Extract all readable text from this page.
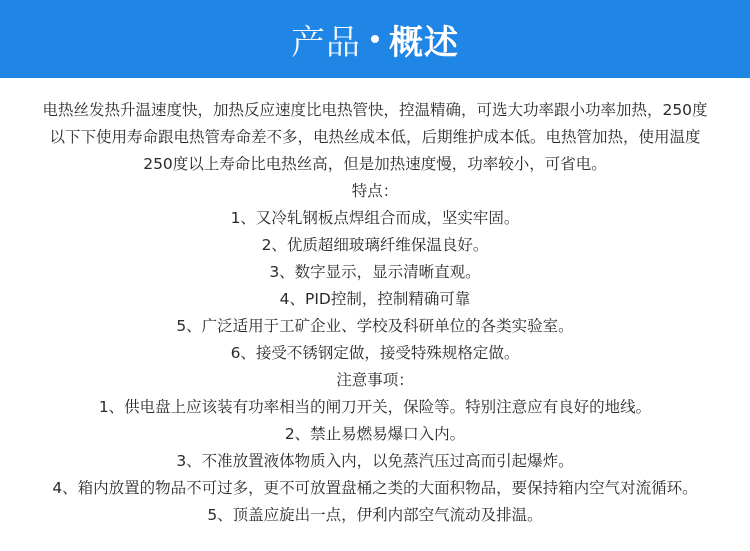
产品 概述

电热丝发热升温速度快，加热反应速度比电热管快，控温精确，可选大功率跟小功率加热，250度

以下下使用寿命跟电热管寿命差不多，电热丝成本低，后期维护成本低。电热管加热，使用温度

250度以上寿命比电热丝高，但是加热速度慢，功率较小，可省电。

特点：

1、又冷轧钢板点焊组合而成，坚实牢固。

2、优质超细玻璃纤维保温良好。

3、数字显示，显示清晰直观。

4、PID控制，控制精确可靠

5、广泛适用于工矿企业、学校及科研单位的各类实验室。

6、接受不锈钢定做，接受特殊规格定做。

注意事项：

1、供电盘上应该装有功率相当的闸刀开关，保险等。特别注意应有良好的地线。

2、禁止易燃易爆口入内。

3、不准放置液体物质入内，以免蒸汽压过高而引起爆炸。

4、箱内放置的物品不可过多，更不可放置盘桶之类的大面积物品，要保持箱内空气对流循环。

5、顶盖应旋出一点，伊利内部空气流动及排温。
